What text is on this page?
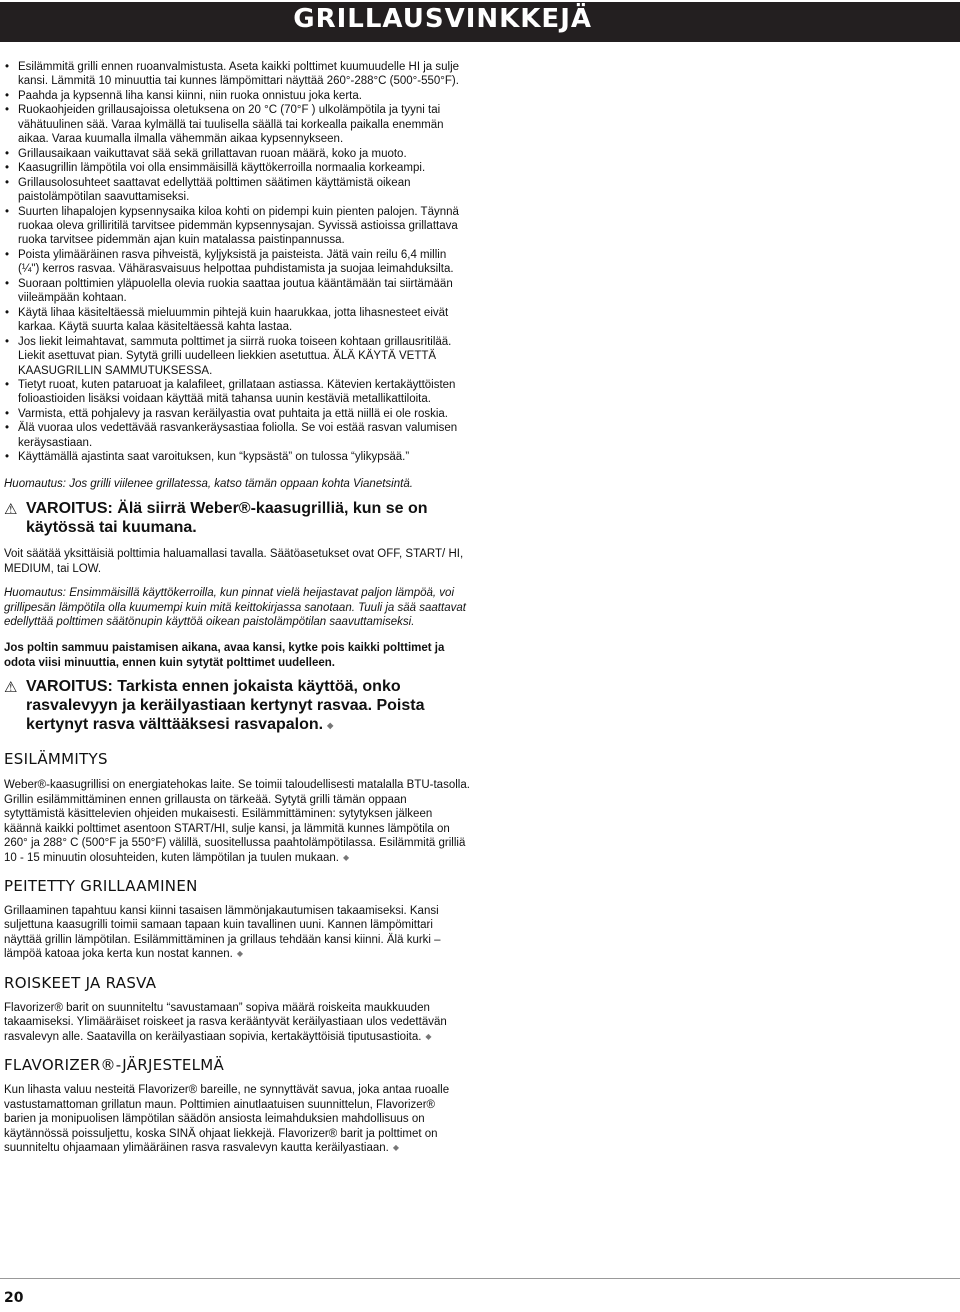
GRILLAUSVINKKEJÄ
• Esilämmitä grilli ennen ruoanvalmistusta. Aseta kaikki polttimet kuumuudelle HI ja sulje kansi. Lämmitä 10 minuuttia tai kunnes lämpömittari näyttää 260°-288°C (500°-550°F).
• Paahda ja kypsennä liha kansi kiinni, niin ruoka onnistuu joka kerta.
• Ruokaohjeiden grillausajoissa oletuksena on 20 °C (70°F ) ulkolämpötila ja tyyni tai vähätuulinen sää. Varaa kylmällä tai tuulisella säällä tai korkealla paikalla enemmän aikaa. Varaa kuumalla ilmalla vähemmän aikaa kypsennykseen.
• Grillausaikaan vaikuttavat sää sekä grillattavan ruoan määrä, koko ja muoto.
• Kaasugrillin lämpötila voi olla ensimmäisillä käyttökerroilla normaalia korkeampi.
• Grillausolosuhteet saattavat edellyttää polttimen säätimen käyttämistä oikean paistolämpötilan saavuttamiseksi.
• Suurten lihapalojen kypsennysaika kiloa kohti on pidempi kuin pienten palojen. Täynnä ruokaa oleva grilliritilä tarvitsee pidemmän kypsennysajan. Syvissä astioissa grillattava ruoka tarvitsee pidemmän ajan kuin matalassa paistinpannussa.
• Poista ylimääräinen rasva pihveistä, kyljyksistä ja paisteista. Jätä vain reilu 6,4 millin (¼") kerros rasvaa. Vähärasvaisuus helpottaa puhdistamista ja suojaa leimahduksilta.
• Suoraan polttimien yläpuolella olevia ruokia saattaa joutua kääntämään tai siirtämään viileämpään kohtaan.
• Käytä lihaa käsiteltäessä mieluummin pihtejä kuin haarukkaa, jotta lihasnesteet eivät karkaa. Käytä suurta kalaa käsiteltäessä kahta lastaa.
• Jos liekit leimahtavat, sammuta polttimet ja siirrä ruoka toiseen kohtaan grillausritilää. Liekit asettuvat pian. Sytytä grilli uudelleen liekkien asetuttua. ÄLÄ KÄYTÄ VETTÄ KAASUGRILLIN SAMMUTUKSESSA.
• Tietyt ruoat, kuten pataruoat ja kalafileet, grillataan astiassa. Kätevien kertakäyttöisten folioastioiden lisäksi voidaan käyttää mitä tahansa uunin kestäviä metallikattiloita.
• Varmista, että pohjalevy ja rasvan keräilyastia ovat puhtaita ja että niillä ei ole roskia.
• Älä vuoraa ulos vedettävää rasvankeräysastiaa foliolla. Se voi estää rasvan valumisen keräysastiaan.
• Käyttämällä ajastinta saat varoituksen, kun “kypsästä” on tulossa “ylikypsää.”

Huomautus: Jos grilli viilenee grillatessa, katso tämän oppaan kohta Vianetsintä.

⚠ VAROITUS: Älä siirrä Weber®-kaasugrilliä, kun se on käytössä tai kuumana.

Voit säätää yksittäisiä polttimia haluamallasi tavalla. Säätöasetukset ovat OFF, START/ HI, MEDIUM, tai LOW.

Huomautus: Ensimmäisillä käyttökerroilla, kun pinnat vielä heijastavat paljon lämpöä, voi grillipesän lämpötila olla kuumempi kuin mitä keittokirjassa sanotaan. Tuuli ja sää saattavat edellyttää polttimen säätönupin käyttöä oikean paistolämpötilan saavuttamiseksi.

Jos poltin sammuu paistamisen aikana, avaa kansi, kytke pois kaikki polttimet ja odota viisi minuuttia, ennen kuin sytytät polttimet uudelleen.

⚠ VAROITUS: Tarkista ennen jokaista käyttöä, onko rasvalevyyn ja keräilyastiaan kertynyt rasvaa. Poista kertynyt rasva välttääksesi rasvapalon. ◆
ESILÄMMITYS

Weber®-kaasugrillisi on energiatehokas laite. Se toimii taloudellisesti matalalla BTU-tasolla. Grillin esilämmittäminen ennen grillausta on tärkeää. Sytytä grilli tämän oppaan sytyttämistä käsittelevien ohjeiden mukaisesti. Esilämmittäminen: sytytyksen jälkeen käännä kaikki polttimet asentoon START/HI, sulje kansi, ja lämmitä kunnes lämpötila on 260° ja 288° C (500°F ja 550°F) välillä, suositellussa paahtolämpötilassa. Esilämmitä grilliä 10 - 15 minuutin olosuhteiden, kuten lämpötilan ja tuulen mukaan. ◆

PEITETTY GRILLAAMINEN

Grillaaminen tapahtuu kansi kiinni tasaisen lämmönjakautumisen takaamiseksi. Kansi suljettuna kaasugrilli toimii samaan tapaan kuin tavallinen uuni. Kannen lämpömittari näyttää grillin lämpötilan. Esilämmittäminen ja grillaus tehdään kansi kiinni. Älä kurki – lämpöä katoaa joka kerta kun nostat kannen. ◆

ROISKEET JA RASVA

Flavorizer® barit on suunniteltu “savustamaan” sopiva määrä roiskeita maukkuuden takaamiseksi. Ylimääräiset roiskeet ja rasva kerääntyvät keräilyastiaan ulos vedettävän rasvalevyn alle. Saatavilla on keräilyastiaan sopivia, kertakäyttöisiä tiputusastioita. ◆

FLAVORIZER®-JÄRJESTELMÄ

Kun lihasta valuu nesteitä Flavorizer® bareille, ne synnyttävät savua, joka antaa ruoalle vastustamattoman grillatun maun. Polttimien ainutlaatuisen suunnittelun, Flavorizer® barien ja monipuolisen lämpötilan säädön ansiosta leimahduksien mahdollisuus on käytännössä poissuljettu, koska SINÄ ohjaat liekkejä. Flavorizer® barit ja polttimet on suunniteltu ohjaamaan ylimääräinen rasva rasvalevyn kautta keräilyastiaan. ◆

20
